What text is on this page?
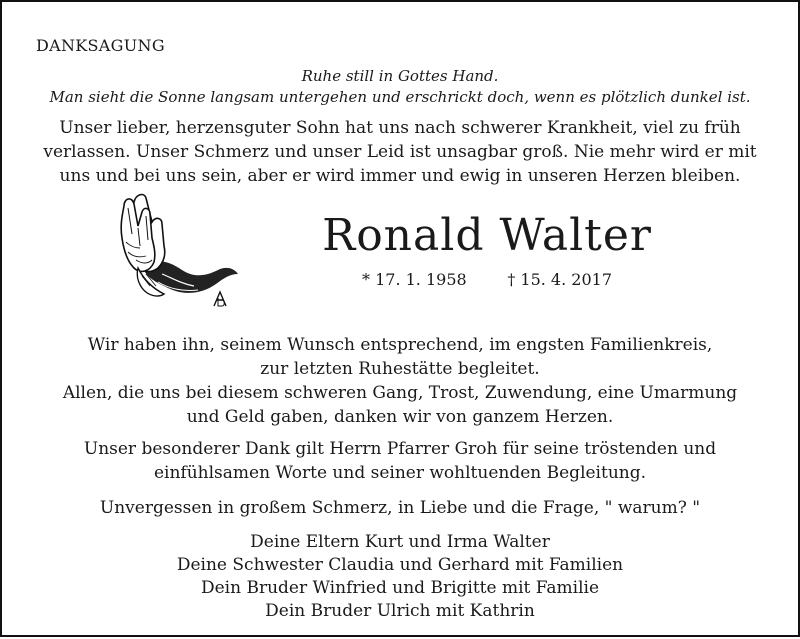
DANKSAGUNG
Ruhe still in Gottes Hand.
Man sieht die Sonne langsam untergehen und erschrickt doch, wenn es plötzlich dunkel ist.
Unser lieber, herzensguter Sohn hat uns nach schwerer Krankheit, viel zu früh
verlassen. Unser Schmerz und unser Leid ist unsagbar groß. Nie mehr wird er mit
uns und bei uns sein, aber er wird immer und ewig in unseren Herzen bleiben.
Ronald Walter
* 17. 1. 1958	† 15. 4. 2017
Wir haben ihn, seinem Wunsch entsprechend, im engsten Familienkreis,
zur letzten Ruhestätte begleitet.
Allen, die uns bei diesem schweren Gang, Trost, Zuwendung, eine Umarmung
und Geld gaben, danken wir von ganzem Herzen.
Unser besonderer Dank gilt Herrn Pfarrer Groh für seine tröstenden und
einfühlsamen Worte und seiner wohltuenden Begleitung.
Unvergessen in großem Schmerz, in Liebe und die Frage, " warum? "
Deine Eltern Kurt und Irma Walter
Deine Schwester Claudia und Gerhard mit Familien
Dein Bruder Winfried und Brigitte mit Familie
Dein Bruder Ulrich mit Kathrin
